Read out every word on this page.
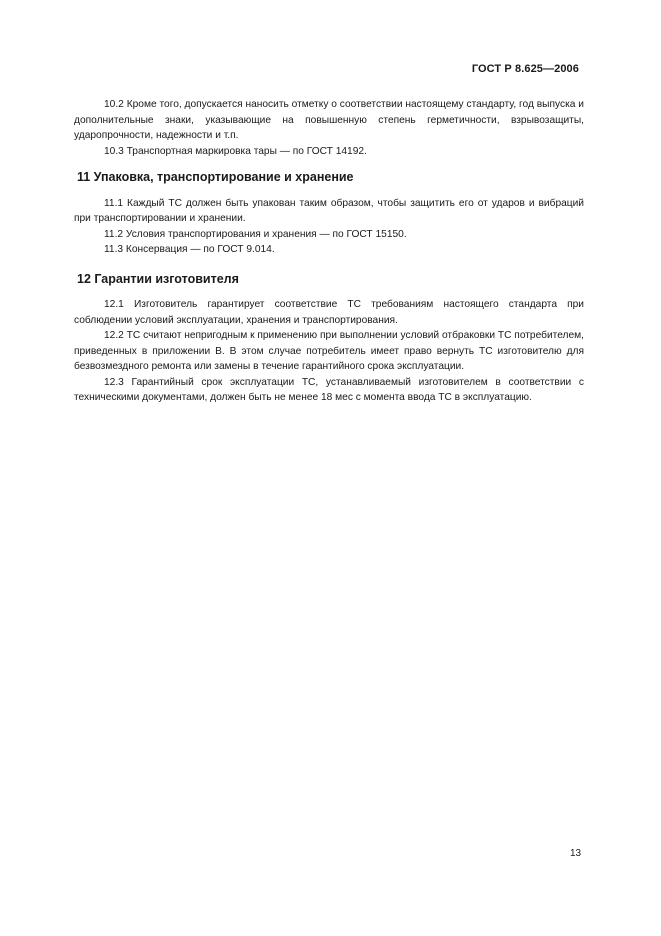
ГОСТ Р 8.625—2006

10.2 Кроме того, допускается наносить отметку о соответствии настоящему стандарту, год выпуска и дополнительные знаки, указывающие на повышенную степень герметичности, взрывозащиты, ударопрочности, надежности и т.п.

10.3 Транспортная маркировка тары — по ГОСТ 14192.

11 Упаковка, транспортирование и хранение

11.1 Каждый ТС должен быть упакован таким образом, чтобы защитить его от ударов и вибраций при транспортировании и хранении.

11.2 Условия транспортирования и хранения — по ГОСТ 15150.

11.3 Консервация — по ГОСТ 9.014.

12 Гарантии изготовителя

12.1 Изготовитель гарантирует соответствие ТС требованиям настоящего стандарта при соблюдении условий эксплуатации, хранения и транспортирования.

12.2 ТС считают непригодным к применению при выполнении условий отбраковки ТС потребителем, приведенных в приложении В. В этом случае потребитель имеет право вернуть ТС изготовителю для безвозмездного ремонта или замены в течение гарантийного срока эксплуатации.

12.3 Гарантийный срок эксплуатации ТС, устанавливаемый изготовителем в соответствии с техническими документами, должен быть не менее 18 мес с момента ввода ТС в эксплуатацию.

13
